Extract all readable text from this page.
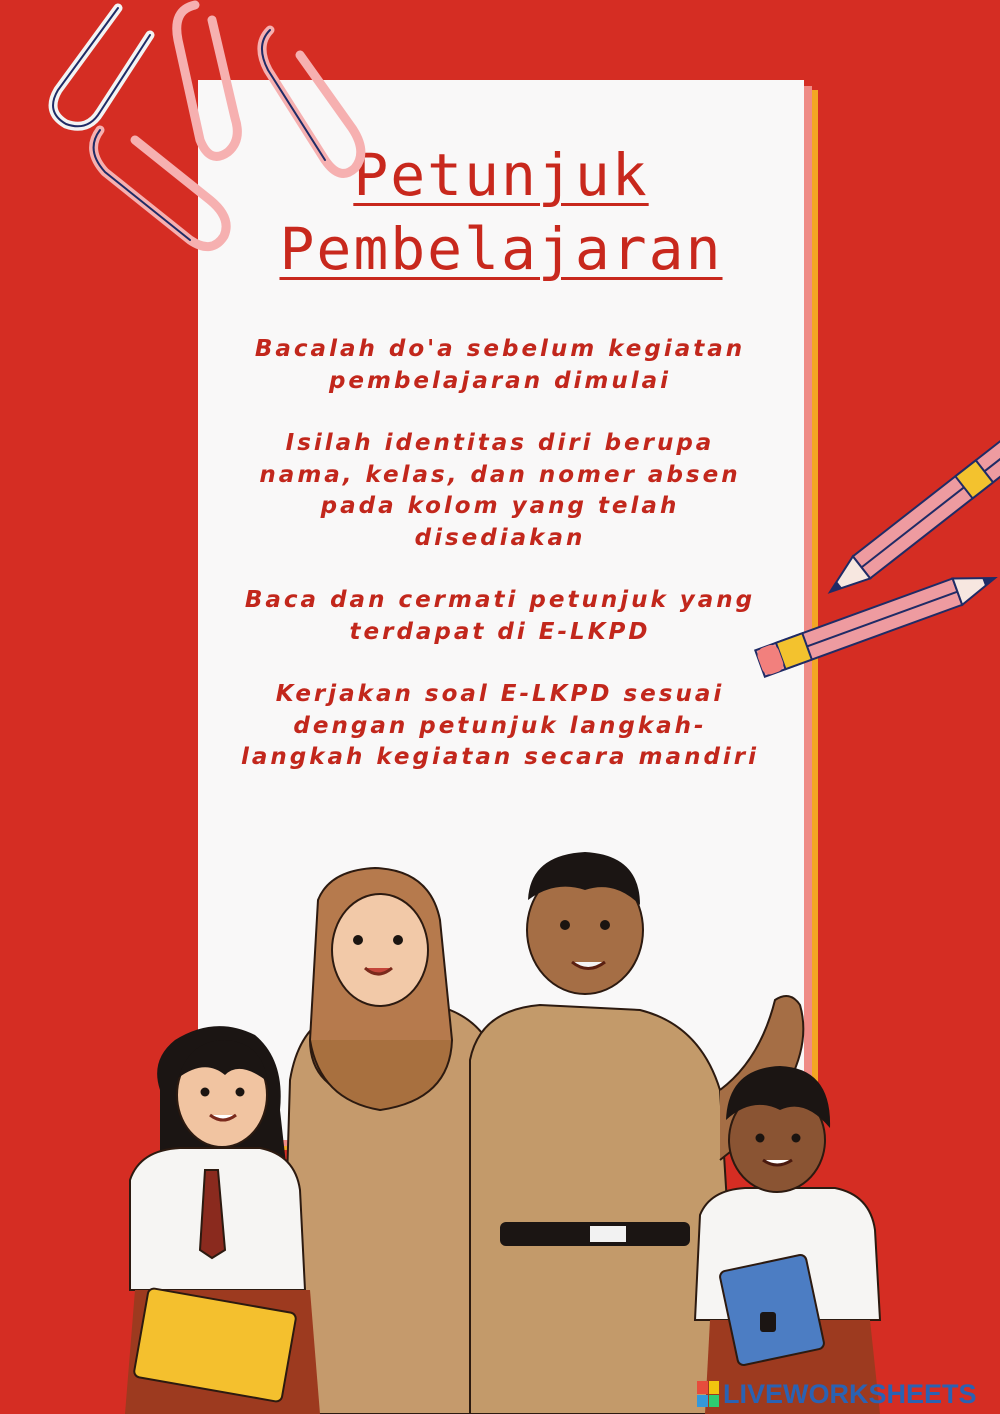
Petunjuk
Pembelajaran

Bacalah do'a sebelum kegiatan pembelajaran dimulai

Isilah identitas diri berupa nama, kelas, dan nomer absen pada kolom yang telah disediakan

Baca dan cermati petunjuk yang terdapat di E-LKPD

Kerjakan soal E-LKPD sesuai dengan petunjuk langkah-langkah kegiatan secara mandiri

LIVEWORKSHEETS
